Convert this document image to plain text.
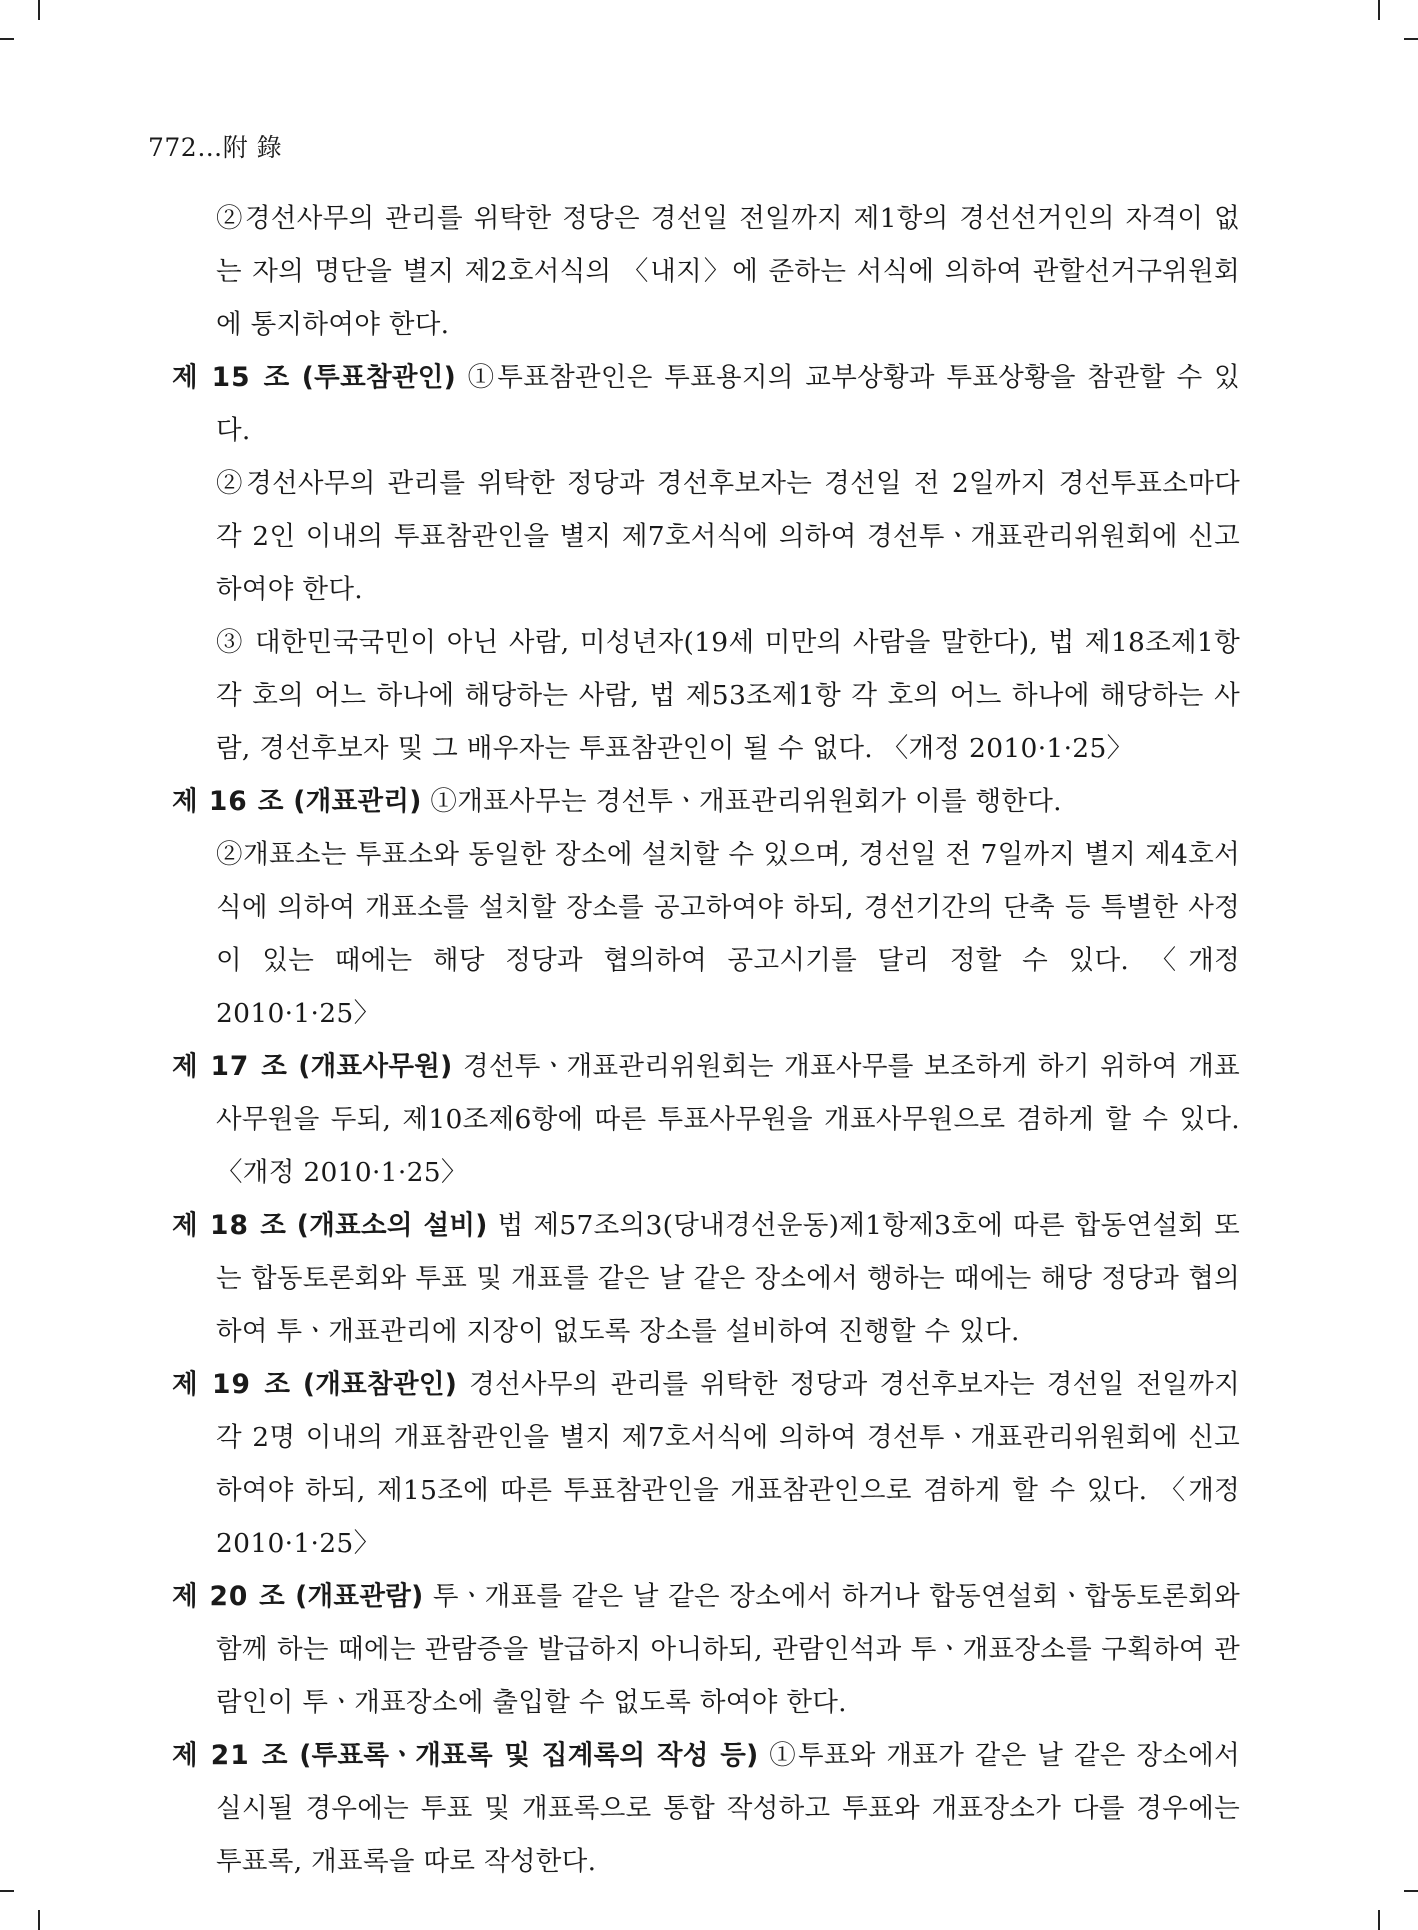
772…附 錄

②경선사무의 관리를 위탁한 정당은 경선일 전일까지 제1항의 경선선거인의 자격이 없는 자의 명단을 별지 제2호서식의 〈내지〉에 준하는 서식에 의하여 관할선거구위원회에 통지하여야 한다.

제 15 조 (투표참관인) ①투표참관인은 투표용지의 교부상황과 투표상황을 참관할 수 있다.

②경선사무의 관리를 위탁한 정당과 경선후보자는 경선일 전 2일까지 경선투표소마다 각 2인 이내의 투표참관인을 별지 제7호서식에 의하여 경선투ㆍ개표관리위원회에 신고하여야 한다.

③ 대한민국국민이 아닌 사람, 미성년자(19세 미만의 사람을 말한다), 법 제18조제1항 각 호의 어느 하나에 해당하는 사람, 법 제53조제1항 각 호의 어느 하나에 해당하는 사람, 경선후보자 및 그 배우자는 투표참관인이 될 수 없다. 〈개정 2010·1·25〉

제 16 조 (개표관리) ①개표사무는 경선투ㆍ개표관리위원회가 이를 행한다.

②개표소는 투표소와 동일한 장소에 설치할 수 있으며, 경선일 전 7일까지 별지 제4호서식에 의하여 개표소를 설치할 장소를 공고하여야 하되, 경선기간의 단축 등 특별한 사정이 있는 때에는 해당 정당과 협의하여 공고시기를 달리 정할 수 있다. 〈개정 2010·1·25〉

제 17 조 (개표사무원) 경선투ㆍ개표관리위원회는 개표사무를 보조하게 하기 위하여 개표사무원을 두되, 제10조제6항에 따른 투표사무원을 개표사무원으로 겸하게 할 수 있다. 〈개정 2010·1·25〉

제 18 조 (개표소의 설비) 법 제57조의3(당내경선운동)제1항제3호에 따른 합동연설회 또는 합동토론회와 투표 및 개표를 같은 날 같은 장소에서 행하는 때에는 해당 정당과 협의하여 투ㆍ개표관리에 지장이 없도록 장소를 설비하여 진행할 수 있다.

제 19 조 (개표참관인) 경선사무의 관리를 위탁한 정당과 경선후보자는 경선일 전일까지 각 2명 이내의 개표참관인을 별지 제7호서식에 의하여 경선투ㆍ개표관리위원회에 신고하여야 하되, 제15조에 따른 투표참관인을 개표참관인으로 겸하게 할 수 있다. 〈개정 2010·1·25〉

제 20 조 (개표관람) 투ㆍ개표를 같은 날 같은 장소에서 하거나 합동연설회ㆍ합동토론회와 함께 하는 때에는 관람증을 발급하지 아니하되, 관람인석과 투ㆍ개표장소를 구획하여 관람인이 투ㆍ개표장소에 출입할 수 없도록 하여야 한다.

제 21 조 (투표록ㆍ개표록 및 집계록의 작성 등) ①투표와 개표가 같은 날 같은 장소에서 실시될 경우에는 투표 및 개표록으로 통합 작성하고 투표와 개표장소가 다를 경우에는 투표록, 개표록을 따로 작성한다.
